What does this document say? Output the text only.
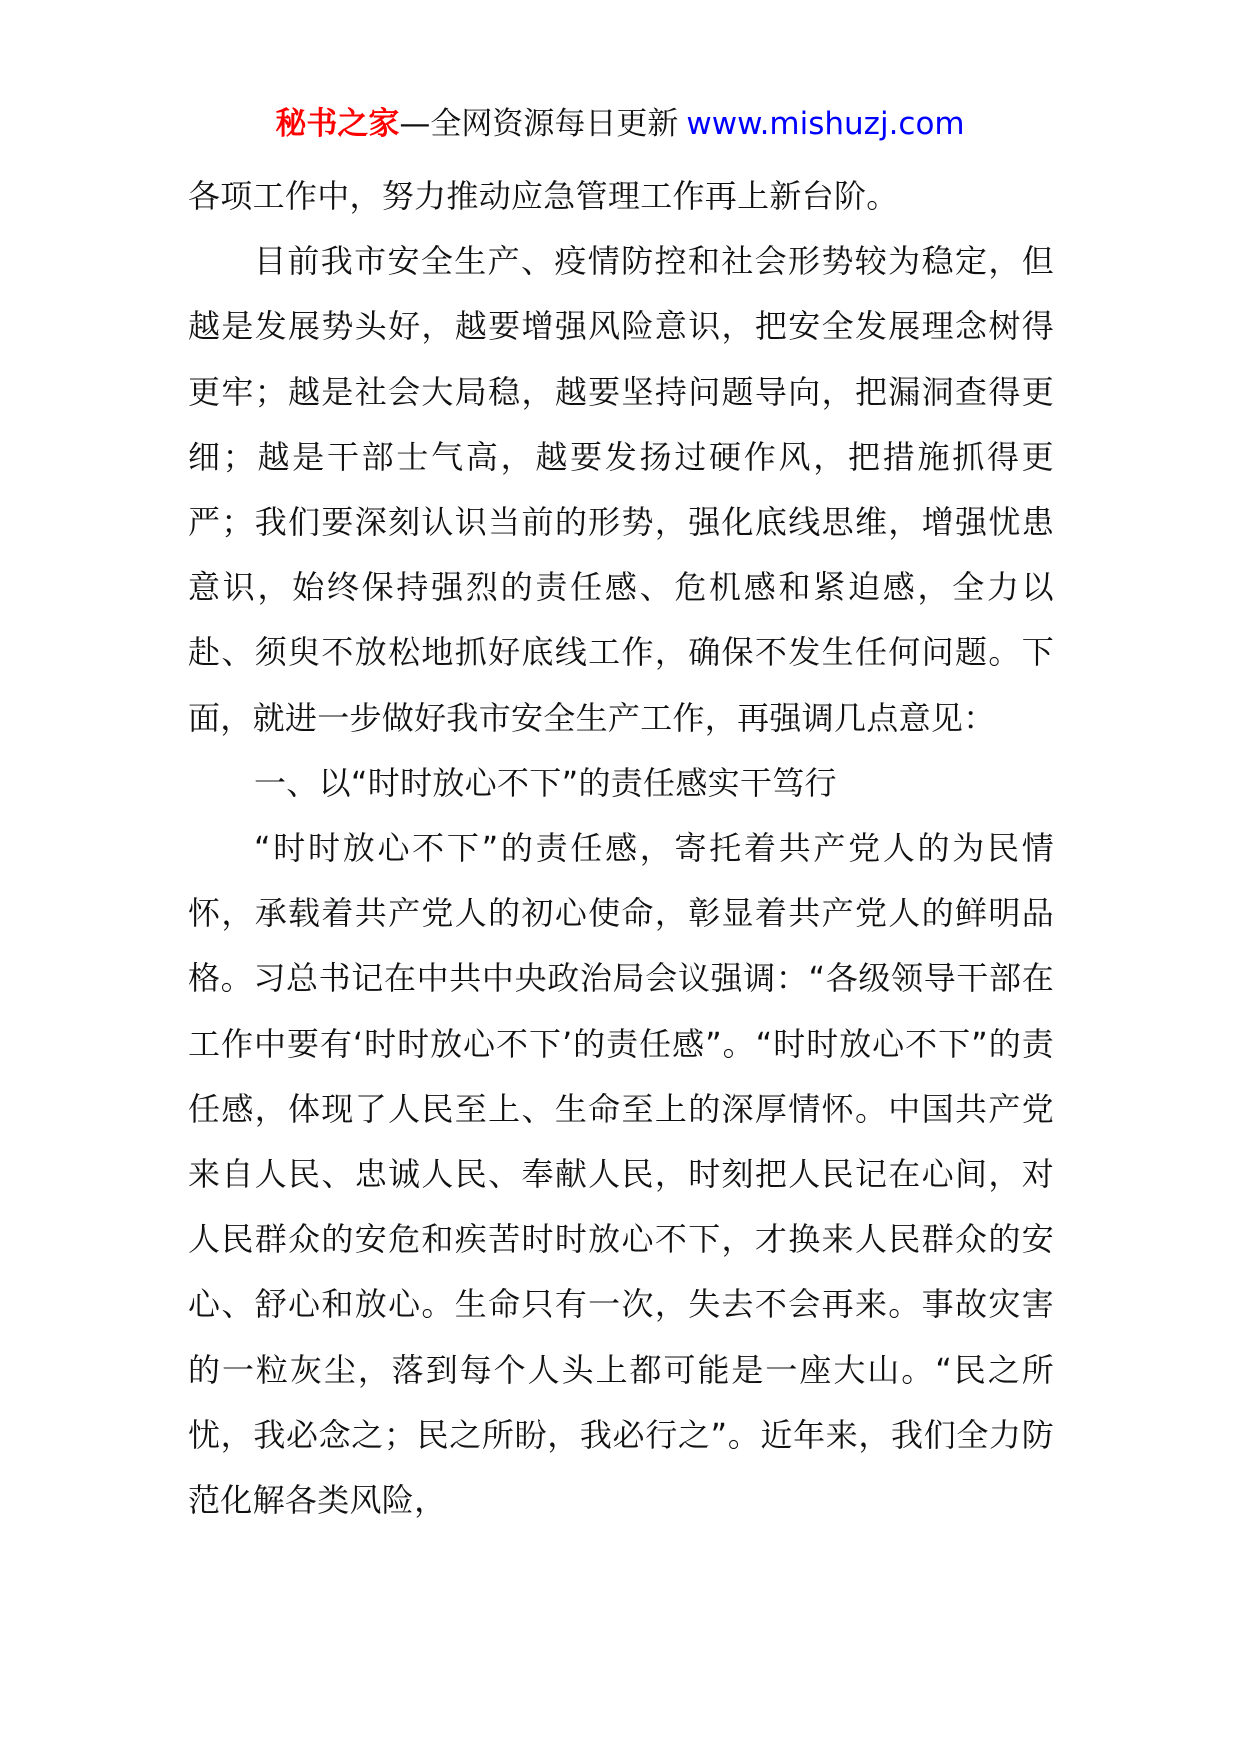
秘书之家—全网资源每日更新 www.mishuzj.com

各项工作中，努力推动应急管理工作再上新台阶。

目前我市安全生产、疫情防控和社会形势较为稳定，但越是发展势头好，越要增强风险意识，把安全发展理念树得更牢；越是社会大局稳，越要坚持问题导向，把漏洞查得更细；越是干部士气高，越要发扬过硬作风，把措施抓得更严；我们要深刻认识当前的形势，强化底线思维，增强忧患意识，始终保持强烈的责任感、危机感和紧迫感，全力以赴、须臾不放松地抓好底线工作，确保不发生任何问题。下面，就进一步做好我市安全生产工作，再强调几点意见：

一、以“时时放心不下”的责任感实干笃行

“时时放心不下”的责任感，寄托着共产党人的为民情怀，承载着共产党人的初心使命，彰显着共产党人的鲜明品格。习总书记在中共中央政治局会议强调：“各级领导干部在工作中要有‘时时放心不下’的责任感”。“时时放心不下”的责任感，体现了人民至上、生命至上的深厚情怀。中国共产党来自人民、忠诚人民、奉献人民，时刻把人民记在心间，对人民群众的安危和疾苦时时放心不下，才换来人民群众的安心、舒心和放心。生命只有一次，失去不会再来。事故灾害的一粒灰尘，落到每个人头上都可能是一座大山。“民之所忧，我必念之；民之所盼，我必行之”。近年来，我们全力防范化解各类风险，
